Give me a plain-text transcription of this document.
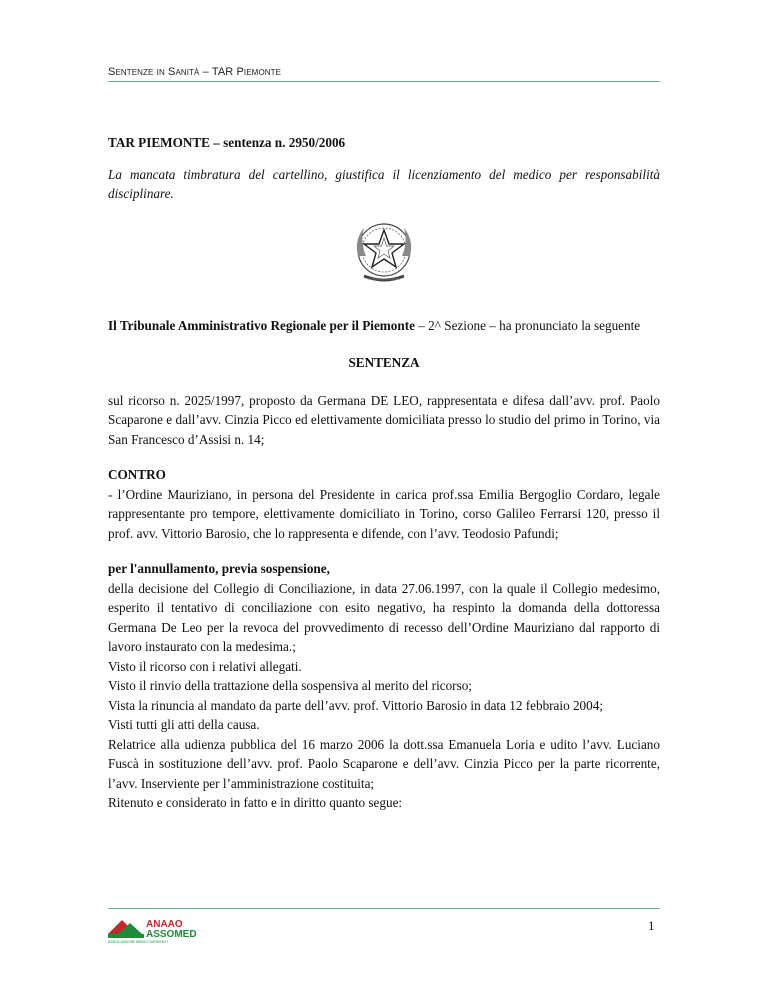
Sentenze in Sanità – TAR Piemonte

TAR PIEMONTE – sentenza n. 2950/2006

La mancata timbratura del cartellino, giustifica il licenziamento del medico per responsabilità disciplinare.

Il Tribunale Amministrativo Regionale per il Piemonte – 2^ Sezione – ha pronunciato la seguente

SENTENZA

sul ricorso n. 2025/1997, proposto da Germana DE LEO, rappresentata e difesa dall’avv. prof. Paolo Scaparone e dall’avv. Cinzia Picco ed elettivamente domiciliata presso lo studio del primo in Torino, via San Francesco d’Assisi n. 14;

CONTRO

- l’Ordine Mauriziano, in persona del Presidente in carica prof.ssa Emilia Bergoglio Cordaro, legale rappresentante pro tempore, elettivamente domiciliato in Torino, corso Galileo Ferrarsi 120, presso il prof. avv. Vittorio Barosio, che lo rappresenta e difende, con l’avv. Teodosio Pafundi;

per l'annullamento, previa sospensione,

della decisione del Collegio di Conciliazione, in data 27.06.1997, con la quale il Collegio medesimo, esperito il tentativo di conciliazione con esito negativo, ha respinto la domanda della dottoressa Germana De Leo per la revoca del provvedimento di recesso dell’Ordine Mauriziano dal rapporto di lavoro instaurato con la medesima.;

Visto il ricorso con i relativi allegati.

Visto il rinvio della trattazione della sospensiva al merito del ricorso;

Vista la rinuncia al mandato da parte dell’avv. prof. Vittorio Barosio in data 12 febbraio 2004;

Visti tutti gli atti della causa.

Relatrice alla udienza pubblica del 16 marzo 2006 la dott.ssa Emanuela Loria e udito l’avv. Luciano Fuscà in sostituzione dell’avv. prof. Paolo Scaparone e dell’avv. Cinzia Picco per la parte ricorrente, l’avv. Inserviente per l’amministrazione costituita;

Ritenuto e considerato in fatto e in diritto quanto segue:

ANAAO
ASSOMED
ASSOCIAZIONE MEDICI DIRIGENTI
1
